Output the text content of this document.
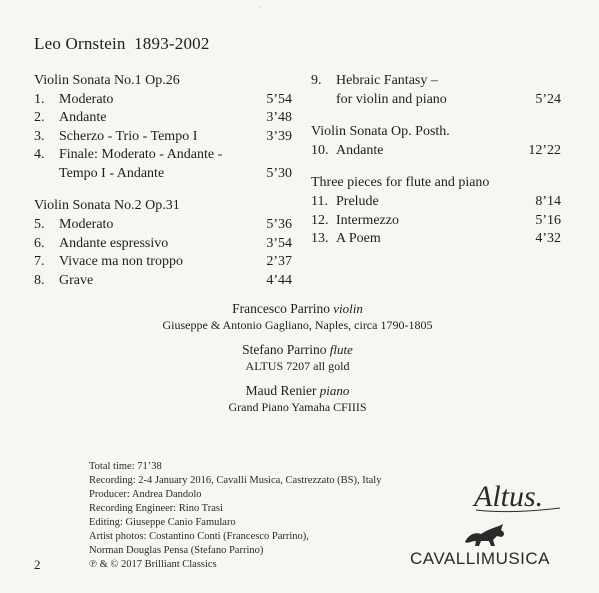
˙
Leo Ornstein 1893-2002
Violin Sonata No.1 Op.26
1. Moderato	5’54
2. Andante	3’48
3. Scherzo - Trio - Tempo I	3’39
4. Finale: Moderato - Andante - Tempo I - Andante	5’30
Violin Sonata No.2 Op.31
5. Moderato	5’36
6. Andante espressivo	3’54
7. Vivace ma non troppo	2’37
8. Grave	4’44
9. Hebraic Fantasy –
for violin and piano	5’24
Violin Sonata Op. Posth.
10. Andante	12’22
Three pieces for flute and piano
11. Prelude	8’14
12. Intermezzo	5’16
13. A Poem	4’32
Francesco Parrino violin
Giuseppe & Antonio Gagliano, Naples, circa 1790-1805
Stefano Parrino flute
ALTUS 7207 all gold
Maud Renier piano
Grand Piano Yamaha CFIIIS
Total time: 71’38
Recording: 2-4 January 2016, Cavalli Musica, Castrezzato (BS), Italy
Producer: Andrea Dandolo
Recording Engineer: Rino Trasi
Editing: Giuseppe Canio Famularo
Artist photos: Costantino Conti (Francesco Parrino),
Norman Douglas Pensa (Stefano Parrino)
℗ & © 2017 Brilliant Classics
2
Altus.
CAVALLIMUSICA
